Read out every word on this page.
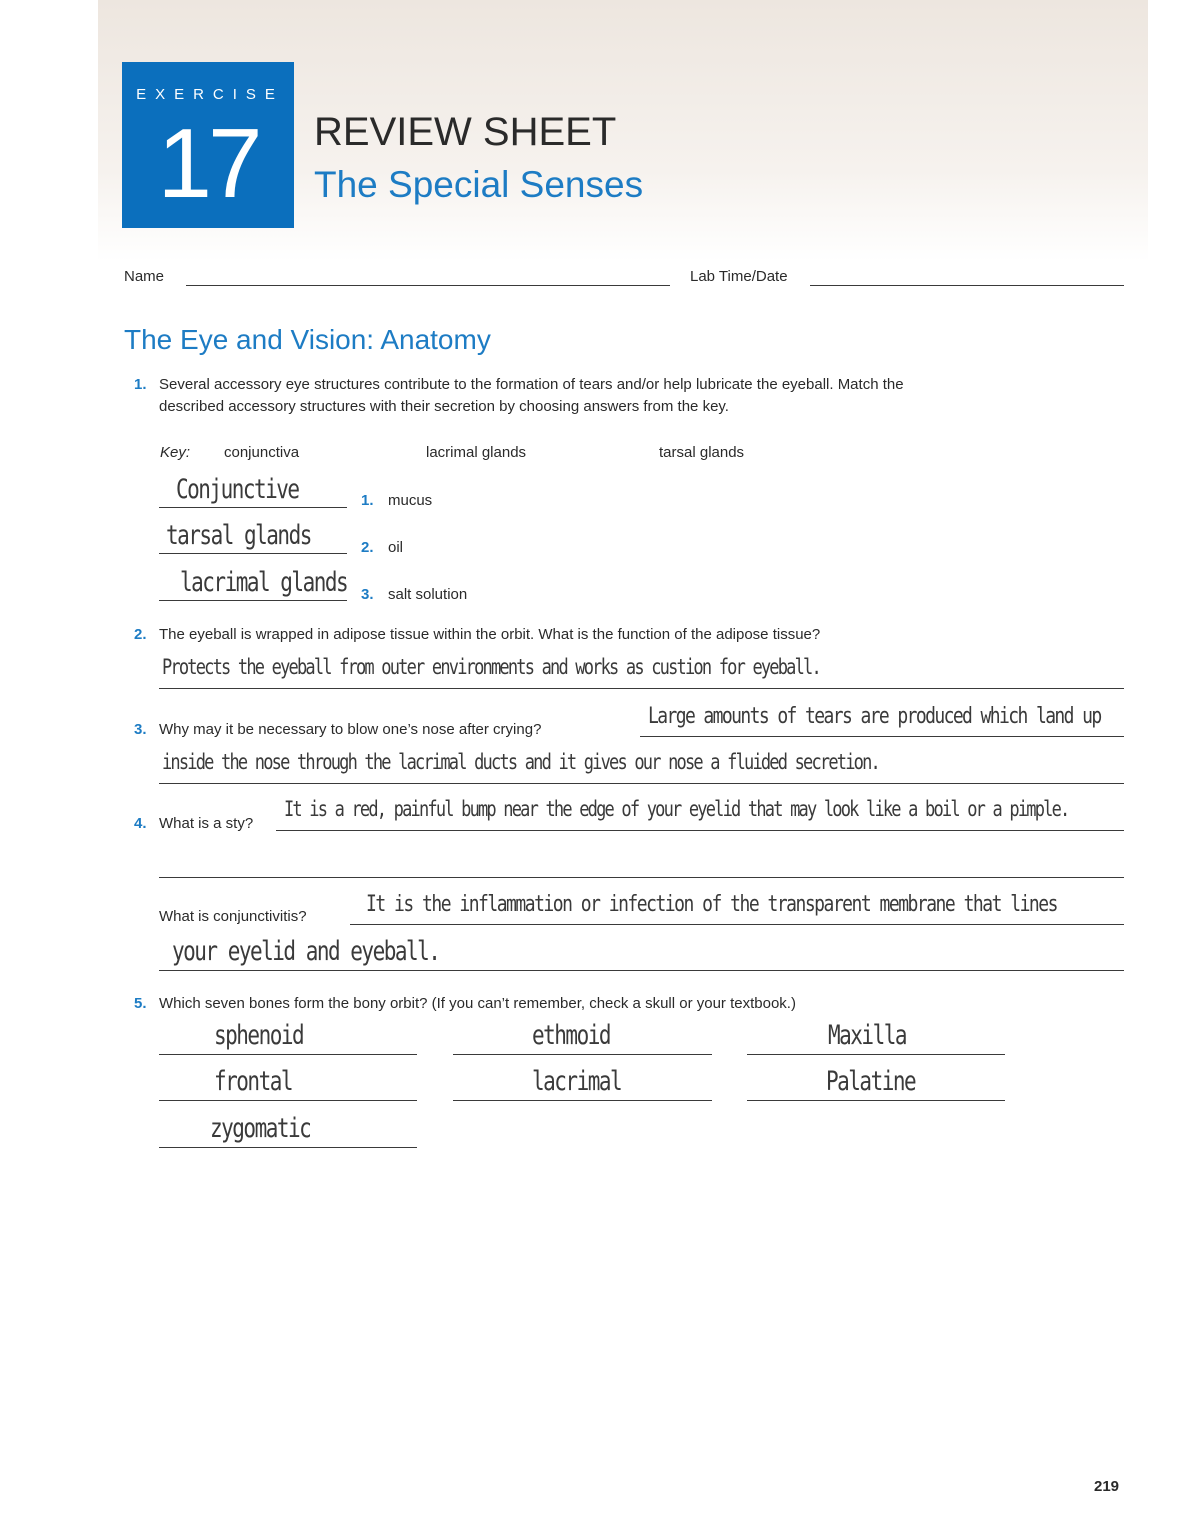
EXERCISE
17	REVIEW SHEET
The Special Senses
Name	Lab Time/Date
The Eye and Vision: Anatomy
1. Several accessory eye structures contribute to the formation of tears and/or help lubricate the eyeball. Match the
described accessory structures with their secretion by choosing answers from the key.
Key: conjunctiva	lacrimal glands	tarsal glands
Conjunctive	1. mucus
tarsal glands	2. oil
lacrimal glands 3. salt solution
2. The eyeball is wrapped in adipose tissue within the orbit. What is the function of the adipose tissue?
Protects the eyeball from outer environments and works as custion for eyeball.
3. Why may it be necessary to blow one’s nose after crying?
Large amounts of tears are produced which land up
inside the nose through the lacrimal ducts and it gives our nose a fluided secretion.
4. What is a sty?
It is a red, painful bump near the edge of your eyelid that may look like a boil or a pimple.
What is conjunctivitis?	It is the inflammation or infection of the transparent membrane that lines
your eyelid and eyeball.
5. Which seven bones form the bony orbit? (If you can’t remember, check a skull or your textbook.)
sphenoid	ethmoid	Maxilla
frontal	lacrimal	Palatine
zygomatic
219
